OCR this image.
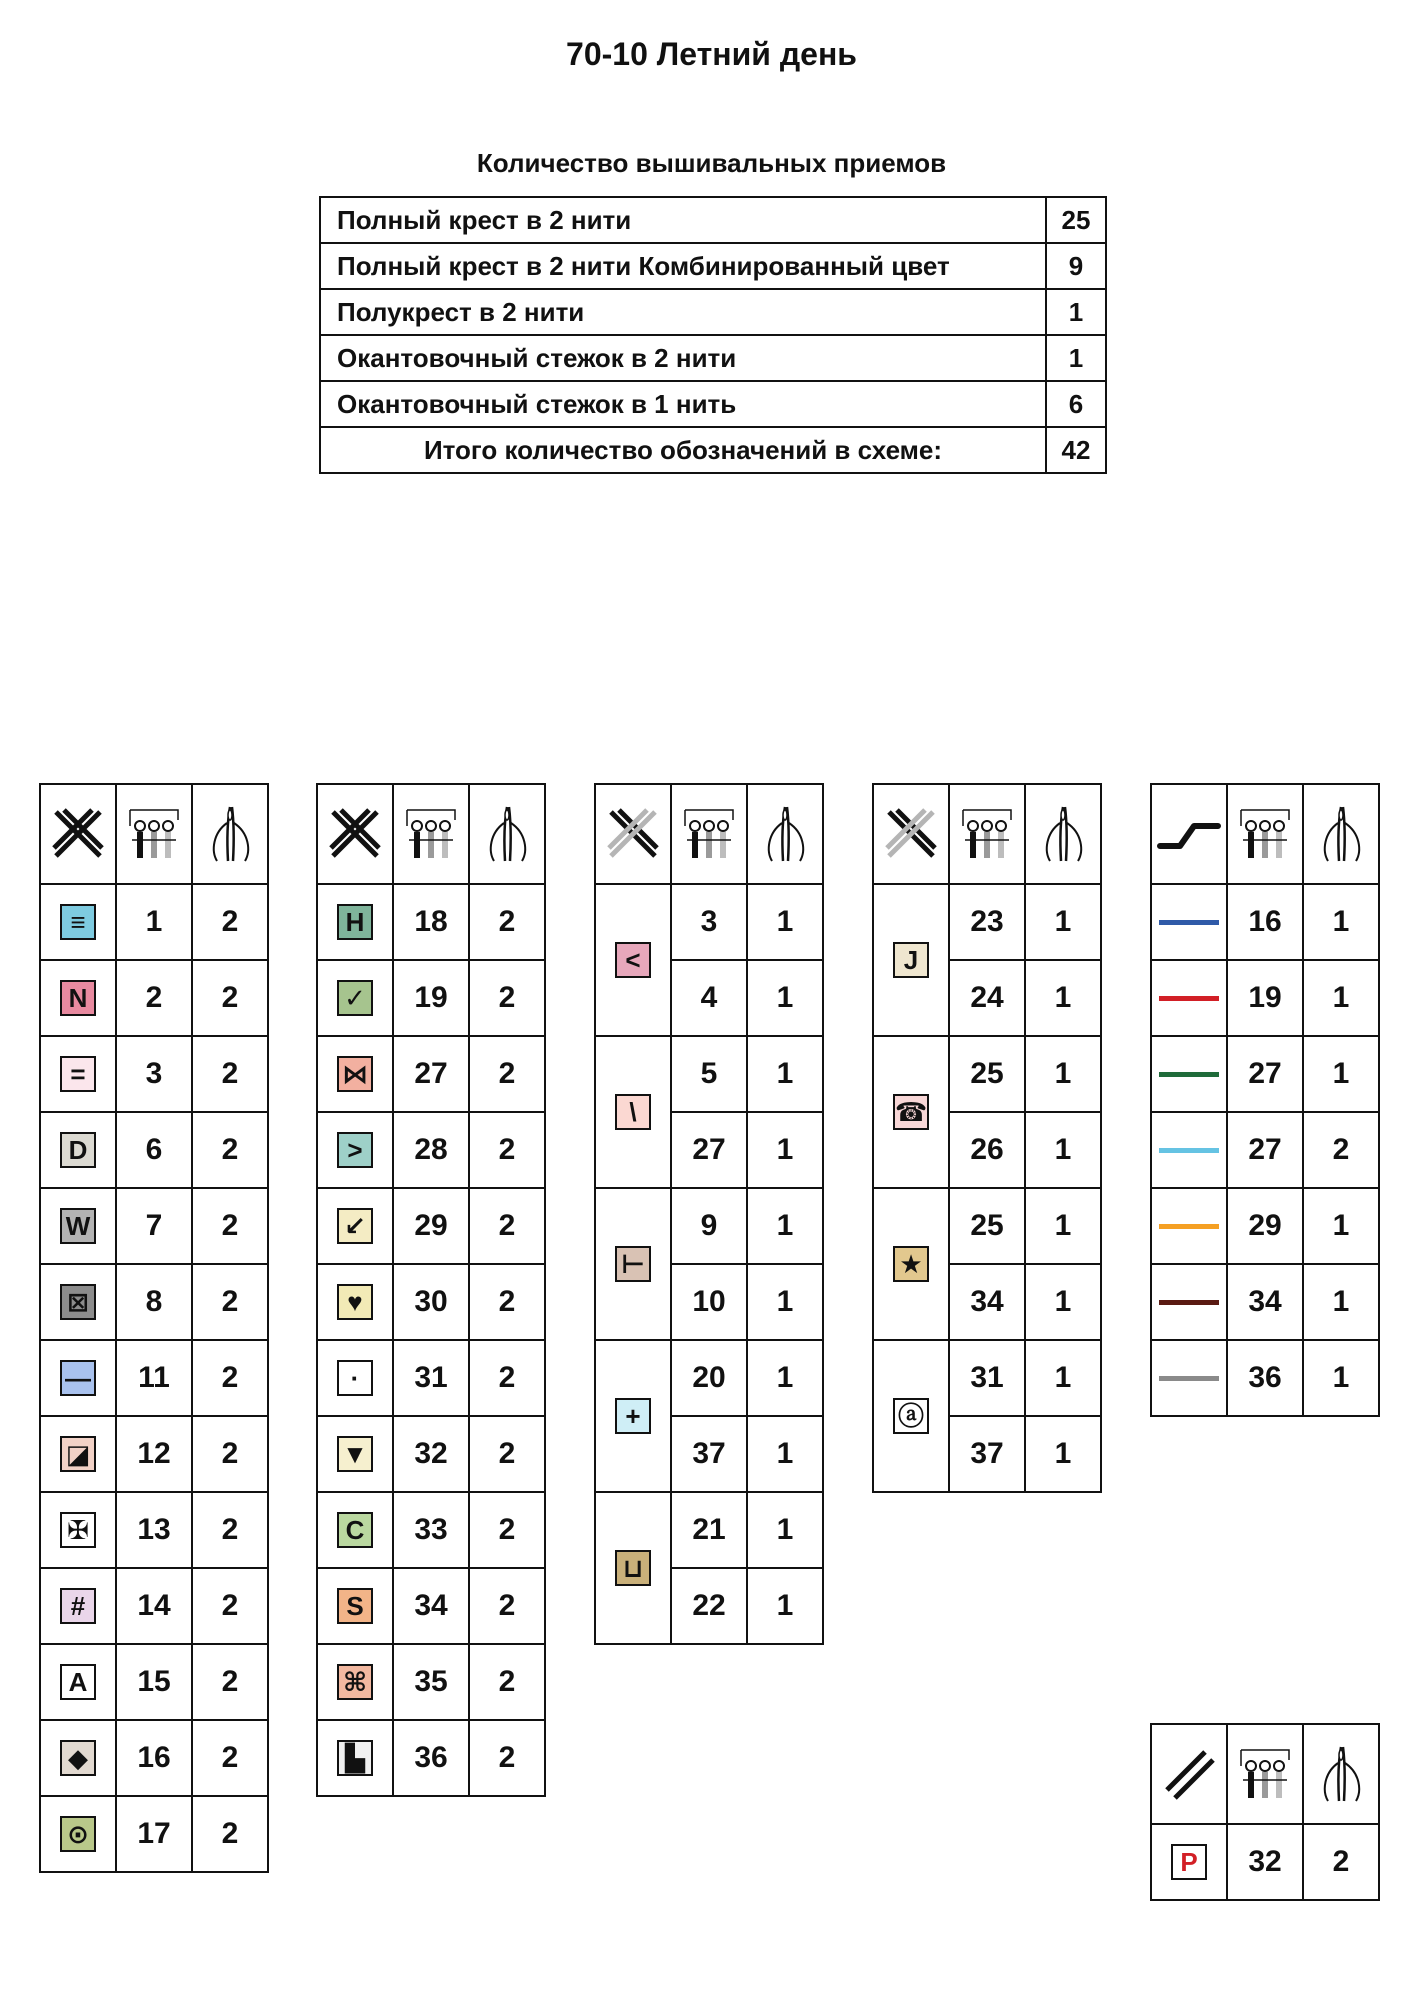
70-10 Летний день
Количество вышивальных приемов
Полный крест в 2 нити	25
Полный крест в 2 нити Комбинированный цвет	9
Полукрест в 2 нити	1
Окантовочный стежок в 2 нити	1
Окантовочный стежок в 1 нить	6
Итого количество обозначений в схеме:	42

≡	1	2
N	2	2
=	3	2
D	6	2
W	7	2
⊠	8	2
—	11	2
◪	12	2
✠	13	2
#	14	2
A	15	2
◆	16	2
⊙	17	2

H	18	2
✓	19	2
⋈	27	2
>	28	2
↙	29	2
♥	30	2
·	31	2
▼	32	2
C	33	2
S	34	2
⌘	35	2
▙	36	2

<	3	1
	4	1
\	5	1
	27	1
⊢	9	1
	10	1
+	20	1
	37	1
⊔	21	1
	22	1

J	23	1
	24	1
☎	25	1
	26	1
★	25	1
	34	1
ⓐ	31	1
	37	1

	16	1

	19	1

	27	1

	27	2

	29	1

	34	1

	36	1

P	32	2
